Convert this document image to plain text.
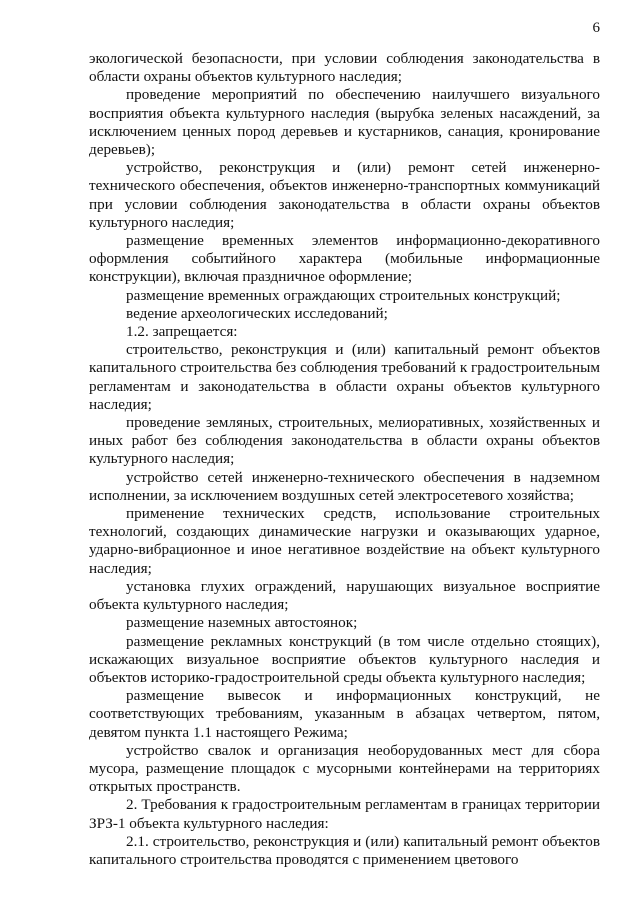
6

экологической безопасности, при условии соблюдения законодательства в области охраны объектов культурного наследия;

проведение мероприятий по обеспечению наилучшего визуального восприятия объекта культурного наследия (вырубка зеленых насаждений, за исключением ценных пород деревьев и кустарников, санация, кронирование деревьев);

устройство, реконструкция и (или) ремонт сетей инженерно-технического обеспечения, объектов инженерно-транспортных коммуникаций при условии соблюдения законодательства в области охраны объектов культурного наследия;

размещение временных элементов информационно-декоративного оформления событийного характера (мобильные информационные конструкции), включая праздничное оформление;

размещение временных ограждающих строительных конструкций;

ведение археологических исследований;

1.2. запрещается:

строительство, реконструкция и (или) капитальный ремонт объектов капитального строительства без соблюдения требований к градостроительным регламентам и законодательства в области охраны объектов культурного наследия;

проведение земляных, строительных, мелиоративных, хозяйственных и иных работ без соблюдения законодательства в области охраны объектов культурного наследия;

устройство сетей инженерно-технического обеспечения в надземном исполнении, за исключением воздушных сетей электросетевого хозяйства;

применение технических средств, использование строительных технологий, создающих динамические нагрузки и оказывающих ударное, ударно-вибрационное и иное негативное воздействие на объект культурного наследия;

установка глухих ограждений, нарушающих визуальное восприятие объекта культурного наследия;

размещение наземных автостоянок;

размещение рекламных конструкций (в том числе отдельно стоящих), искажающих визуальное восприятие объектов культурного наследия и объектов историко-градостроительной среды объекта культурного наследия;

размещение вывесок и информационных конструкций, не соответствующих требованиям, указанным в абзацах четвертом, пятом, девятом пункта 1.1 настоящего Режима;

устройство свалок и организация необорудованных мест для сбора мусора, размещение площадок с мусорными контейнерами на территориях открытых пространств.

2. Требования к градостроительным регламентам в границах территории ЗРЗ-1 объекта культурного наследия:

2.1. строительство, реконструкция и (или) капитальный ремонт объектов капитального строительства проводятся с применением цветового
